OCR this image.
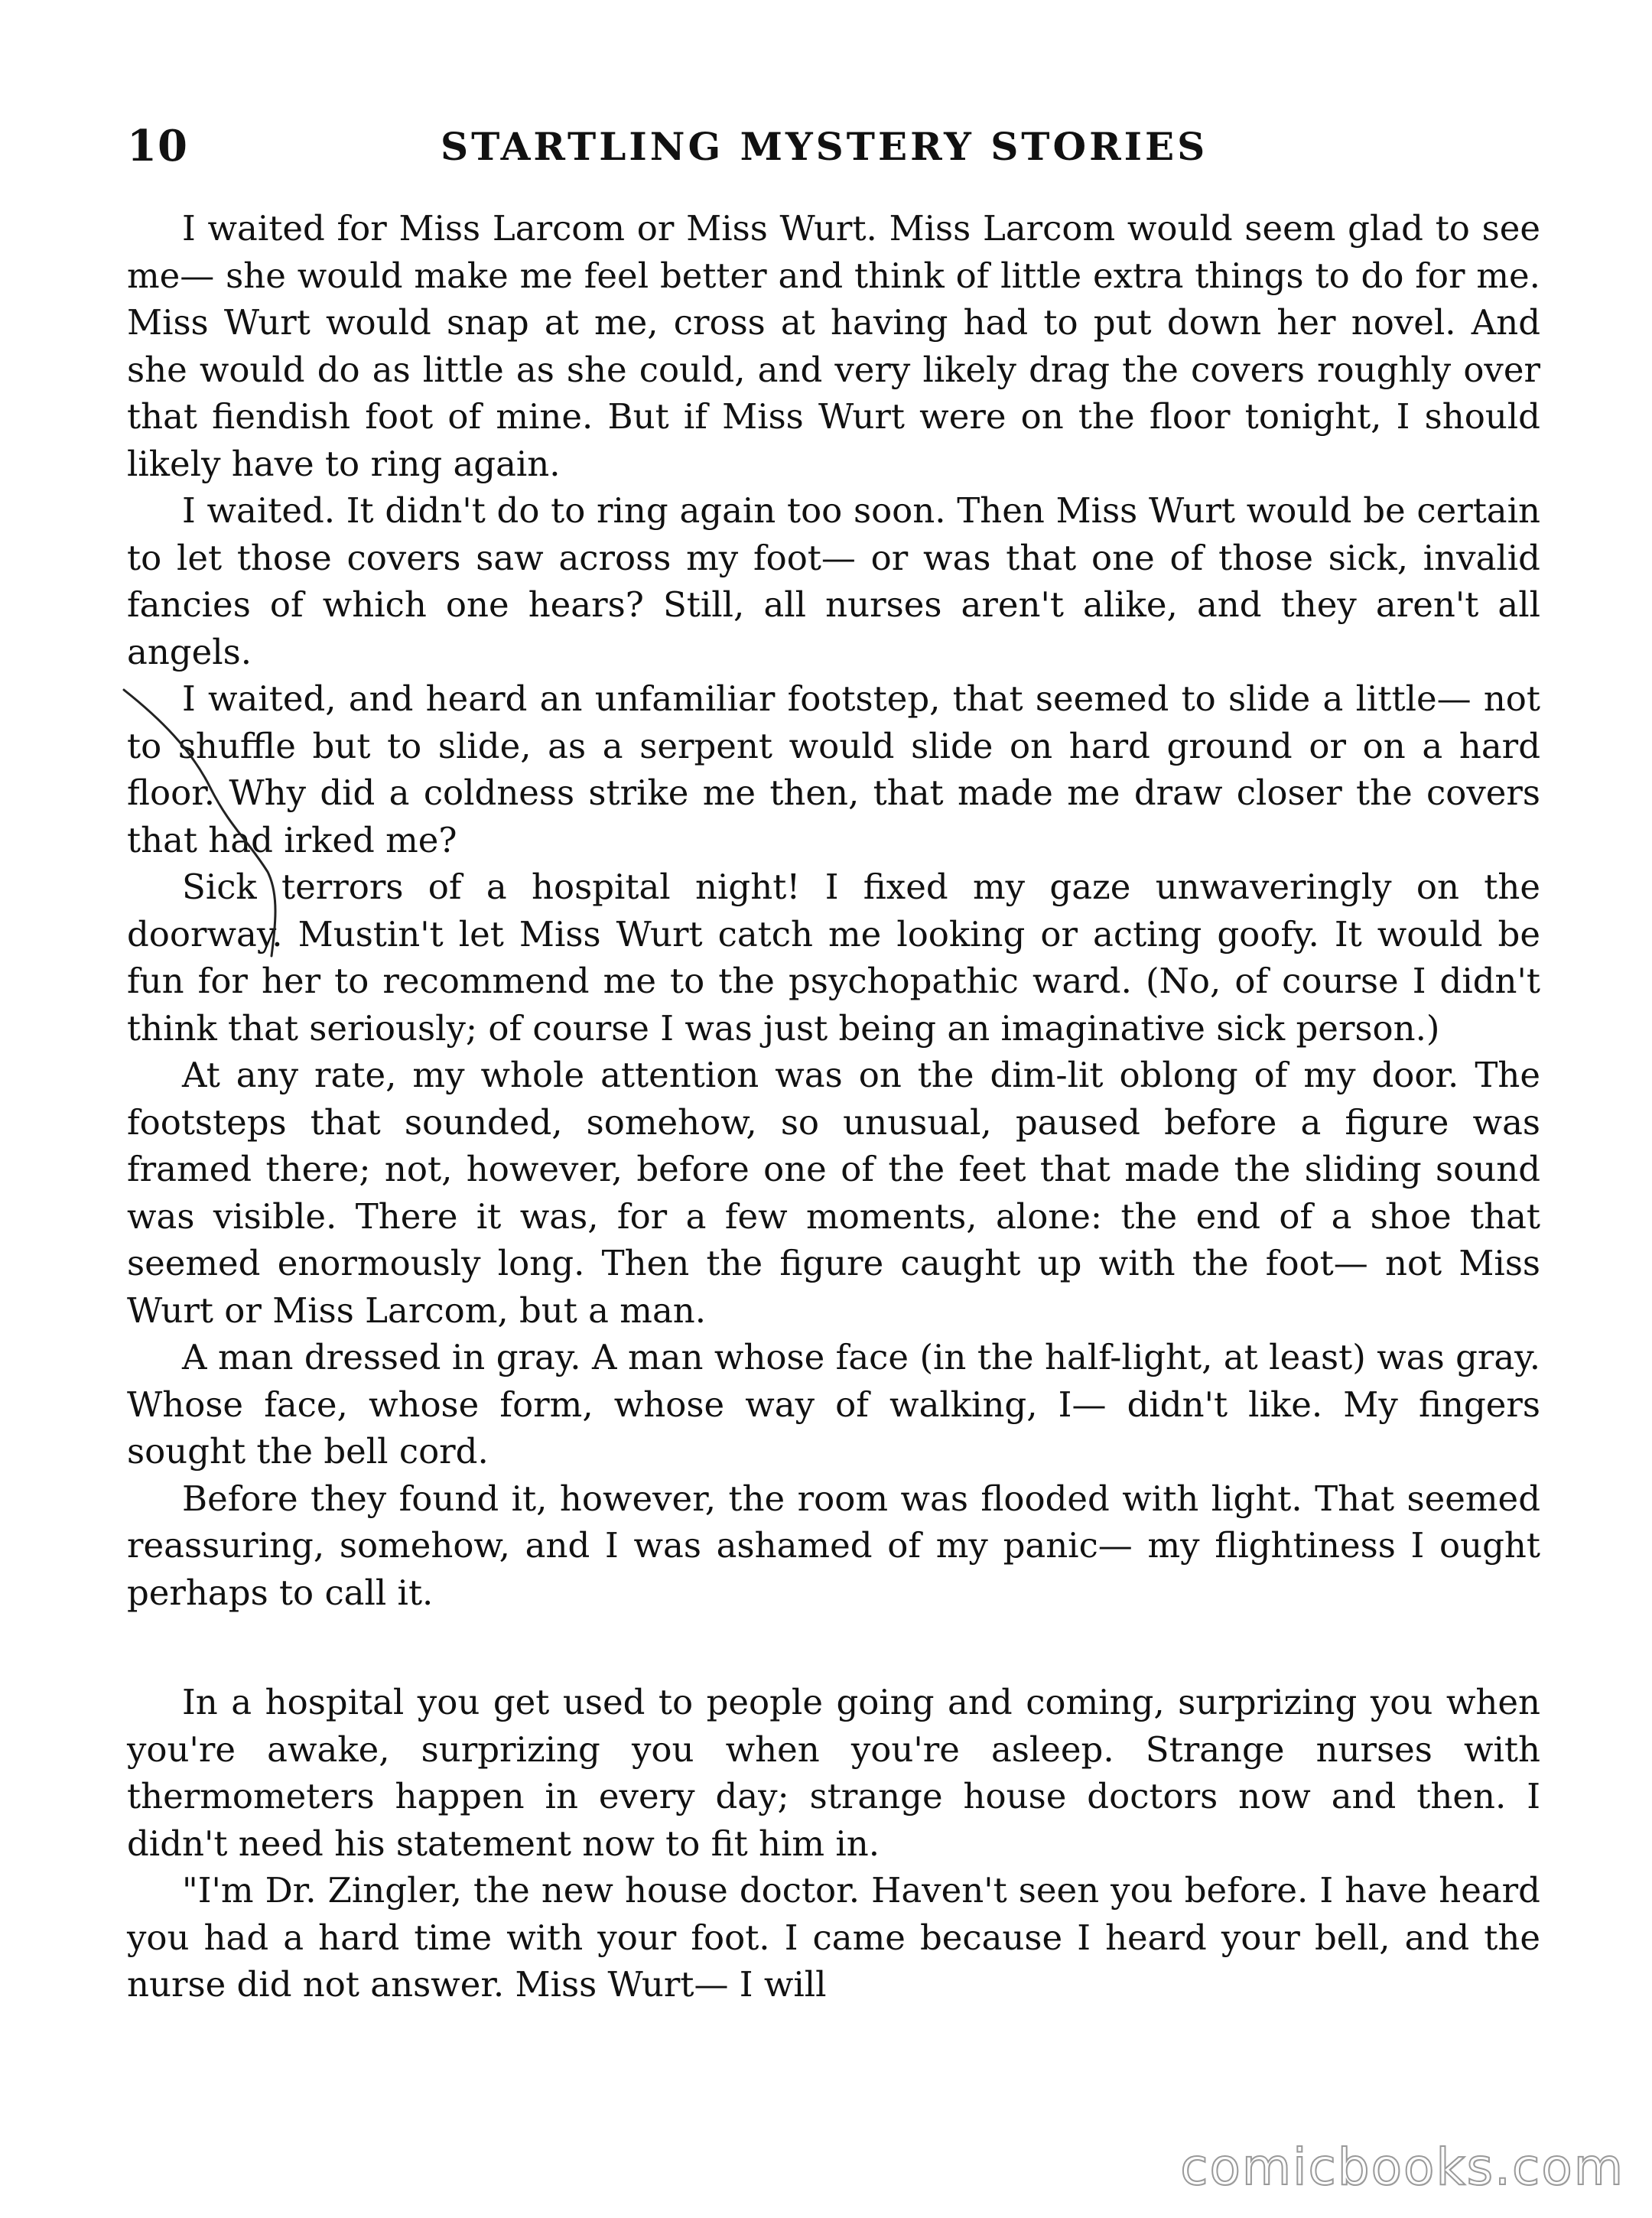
10	STARTLING MYSTERY STORIES

I waited for Miss Larcom or Miss Wurt. Miss Larcom would seem glad to see me— she would make me feel better and think of little extra things to do for me. Miss Wurt would snap at me, cross at having had to put down her novel. And she would do as little as she could, and very likely drag the covers roughly over that fiendish foot of mine. But if Miss Wurt were on the floor tonight, I should likely have to ring again.

I waited. It didn't do to ring again too soon. Then Miss Wurt would be certain to let those covers saw across my foot— or was that one of those sick, invalid fancies of which one hears? Still, all nurses aren't alike, and they aren't all angels.

I waited, and heard an unfamiliar footstep, that seemed to slide a little— not to shuffle but to slide, as a serpent would slide on hard ground or on a hard floor. Why did a coldness strike me then, that made me draw closer the covers that had irked me?

Sick terrors of a hospital night! I fixed my gaze unwaveringly on the doorway. Mustin't let Miss Wurt catch me looking or acting goofy. It would be fun for her to recommend me to the psychopathic ward. (No, of course I didn't think that seriously; of course I was just being an imaginative sick person.)

At any rate, my whole attention was on the dim-lit oblong of my door. The footsteps that sounded, somehow, so unusual, paused before a figure was framed there; not, however, before one of the feet that made the sliding sound was visible. There it was, for a few moments, alone: the end of a shoe that seemed enormously long. Then the figure caught up with the foot— not Miss Wurt or Miss Larcom, but a man.

A man dressed in gray. A man whose face (in the half-light, at least) was gray. Whose face, whose form, whose way of walking, I— didn't like. My fingers sought the bell cord.

Before they found it, however, the room was flooded with light. That seemed reassuring, somehow, and I was ashamed of my panic— my flightiness I ought perhaps to call it.

In a hospital you get used to people going and coming, surprizing you when you're awake, surprizing you when you're asleep. Strange nurses with thermometers happen in every day; strange house doctors now and then. I didn't need his statement now to fit him in.

"I'm Dr. Zingler, the new house doctor. Haven't seen you before. I have heard you had a hard time with your foot. I came because I heard your bell, and the nurse did not answer. Miss Wurt— I will

comicbooks.com
